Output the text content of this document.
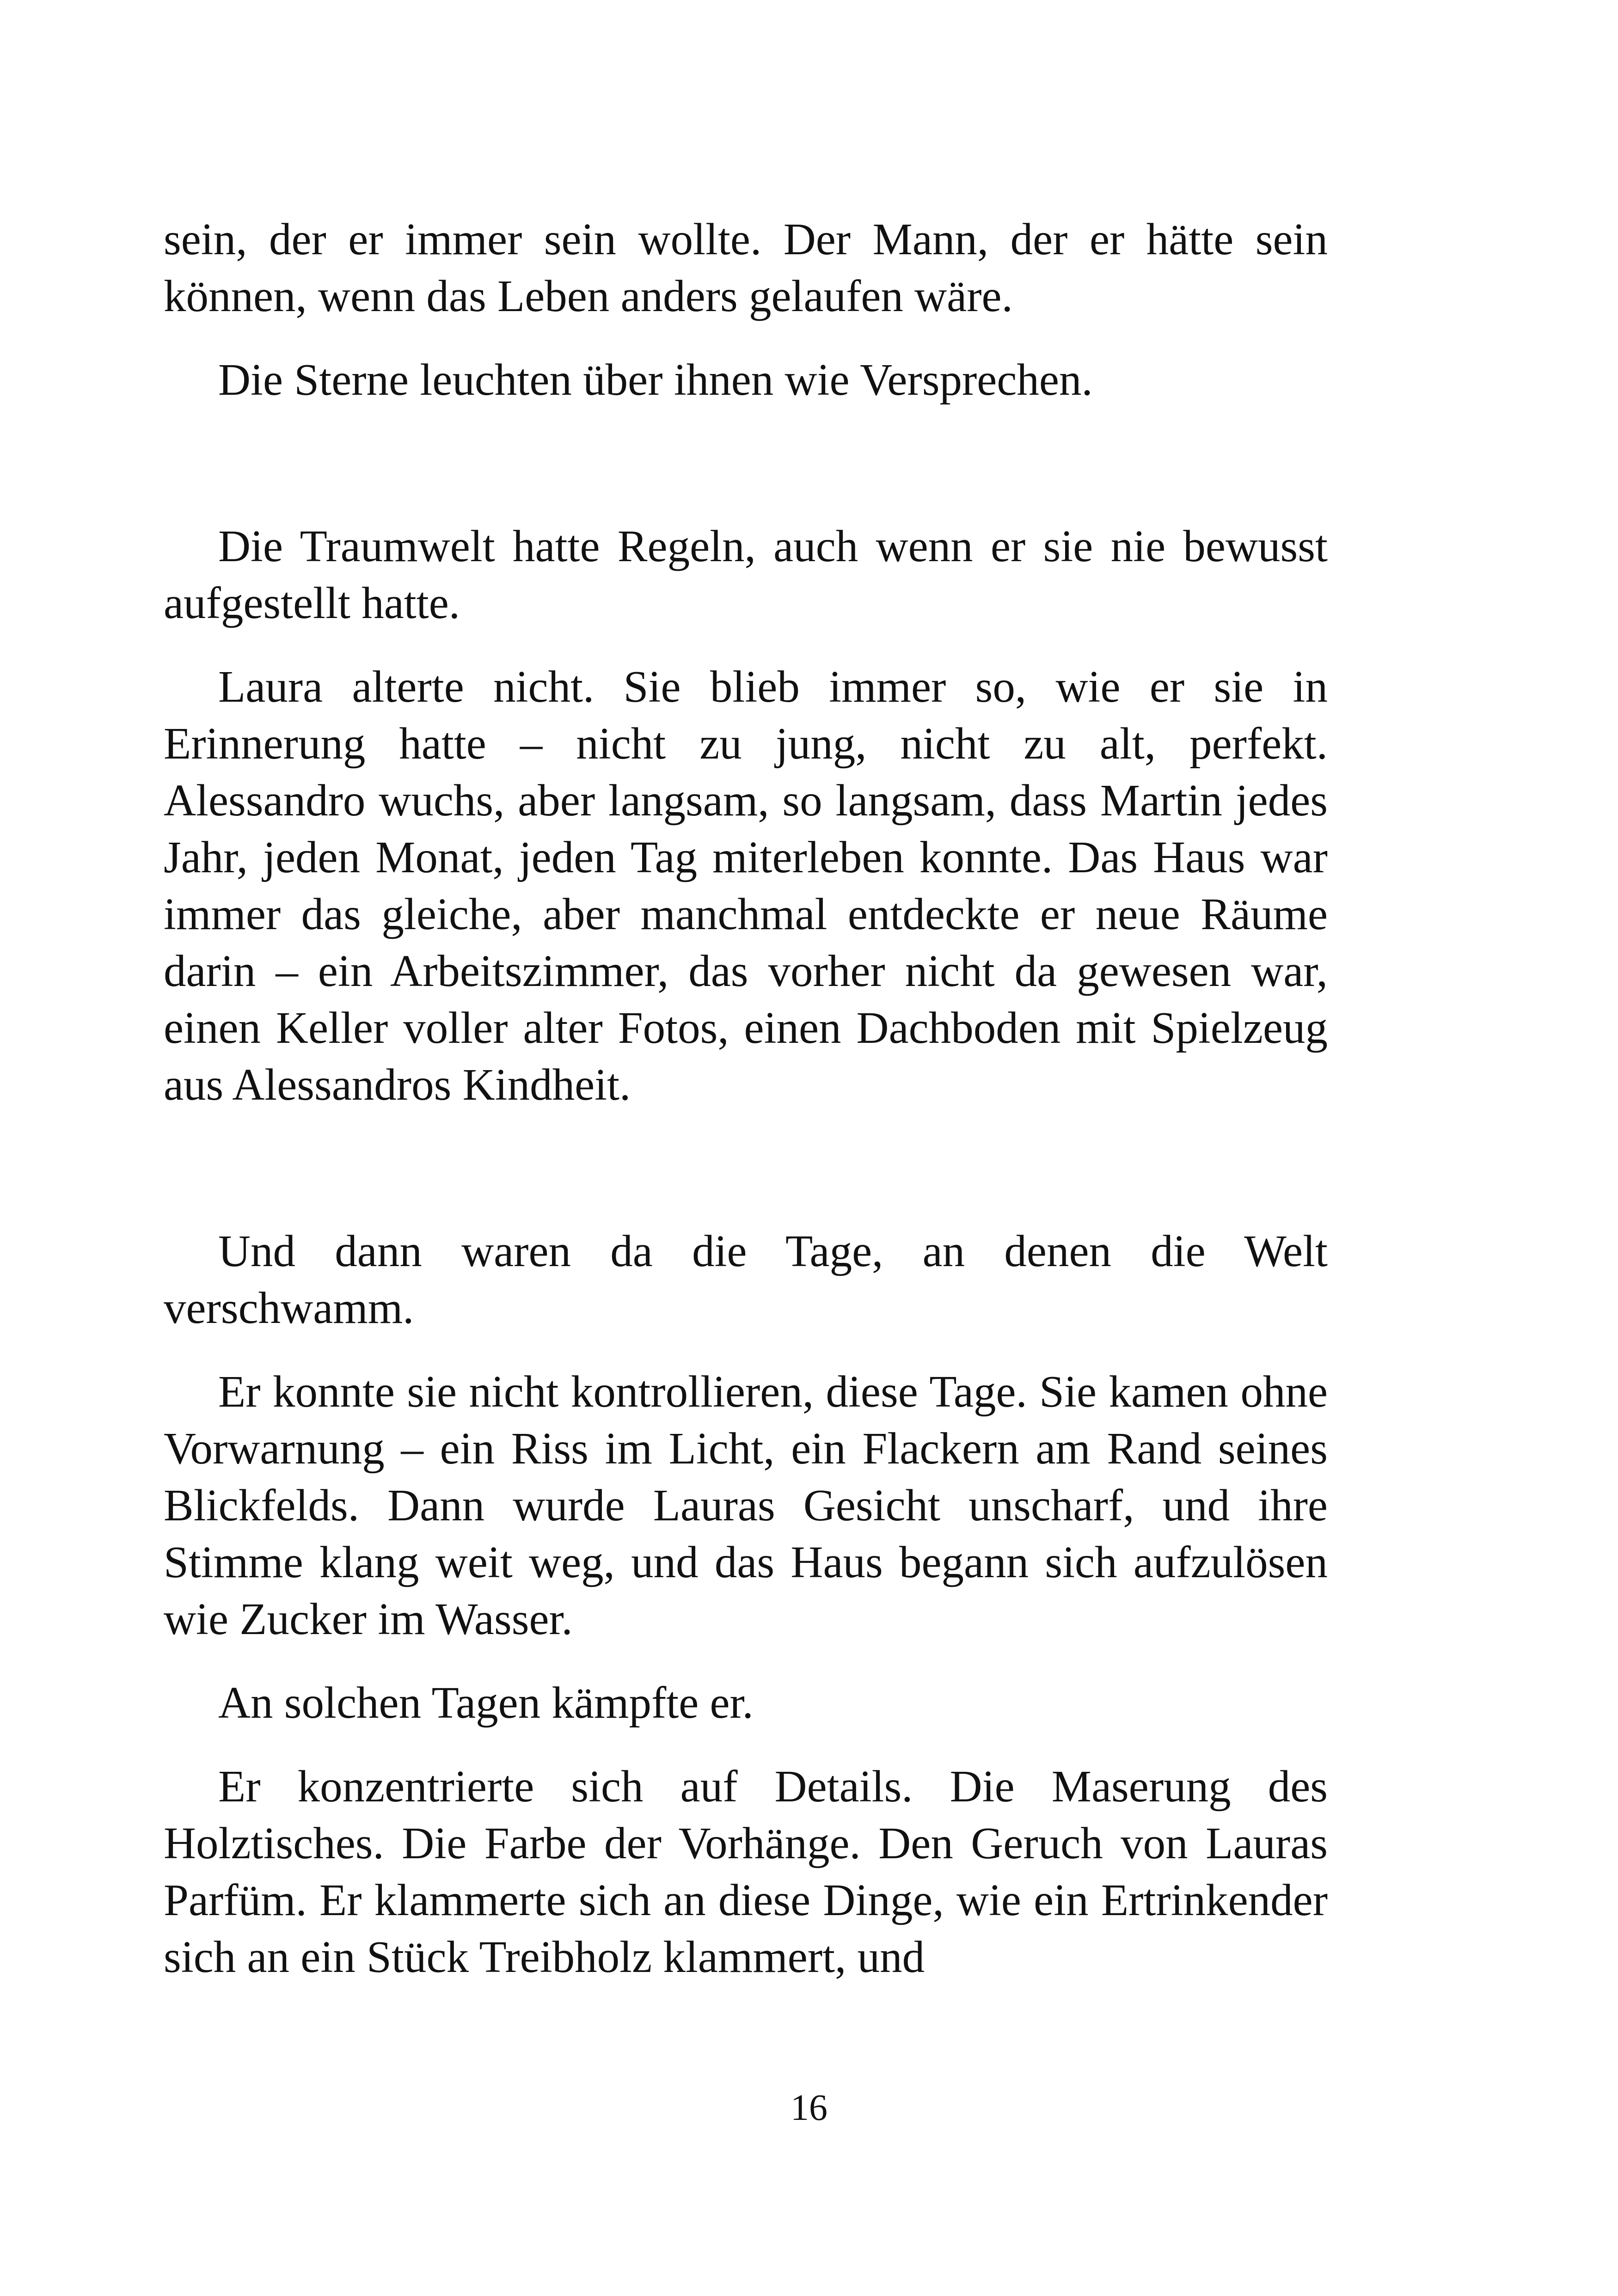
sein, der er immer sein wollte. Der Mann, der er hätte sein können, wenn das Leben anders gelaufen wäre.

Die Sterne leuchten über ihnen wie Versprechen.

Die Traumwelt hatte Regeln, auch wenn er sie nie bewusst aufgestellt hatte.

Laura alterte nicht. Sie blieb immer so, wie er sie in Erinnerung hatte – nicht zu jung, nicht zu alt, perfekt. Alessandro wuchs, aber langsam, so langsam, dass Martin jedes Jahr, jeden Monat, jeden Tag miterleben konnte. Das Haus war immer das gleiche, aber manchmal entdeckte er neue Räume darin – ein Arbeitszimmer, das vorher nicht da gewesen war, einen Keller voller alter Fotos, einen Dachboden mit Spielzeug aus Alessandros Kindheit.

Und dann waren da die Tage, an denen die Welt verschwamm.

Er konnte sie nicht kontrollieren, diese Tage. Sie kamen ohne Vorwarnung – ein Riss im Licht, ein Flackern am Rand seines Blickfelds. Dann wurde Lauras Gesicht unscharf, und ihre Stimme klang weit weg, und das Haus begann sich aufzulösen wie Zucker im Wasser.

An solchen Tagen kämpfte er.

Er konzentrierte sich auf Details. Die Maserung des Holztisches. Die Farbe der Vorhänge. Den Geruch von Lauras Parfüm. Er klammerte sich an diese Dinge, wie ein Ertrinkender sich an ein Stück Treibholz klammert, und

16
